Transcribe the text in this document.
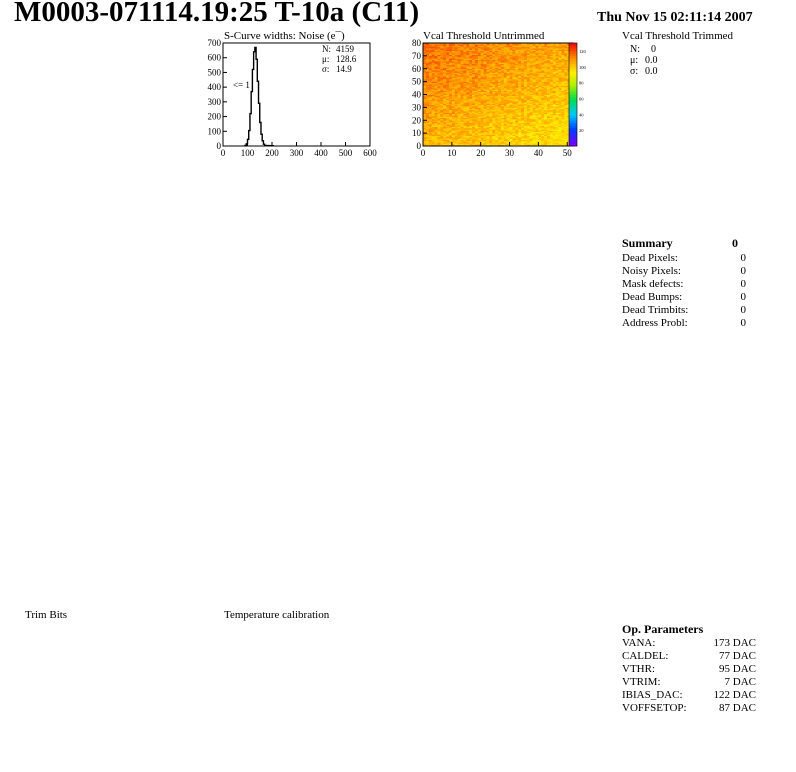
M0003-071114.19:25 T-10a (C11)	Thu Nov 15 02:11:14 2007
S-Curve widths: Noise (e¯)
0
100
200
300
400
500
600
700
0 100 200 300 400 500 600
<= 1
N: 4159
μ: 128.6
σ: 14.9
Vcal Threshold Untrimmed
0
10
20
30
40
50
60
70
80
0 10 20 30 40 50
20
40
60
80
100
120
Vcal Threshold Trimmed
N: 0
μ: 0.0
σ: 0.0
Summary	0
Dead Pixels:	0
Noisy Pixels:	0
Mask defects:	0
Dead Bumps:	0
Dead Trimbits:	0
Address Probl:	0
Trim Bits	Temperature calibration
Op. Parameters
VANA:	173 DAC
CALDEL:	77 DAC
VTHR:	95 DAC
VTRIM:	7 DAC
IBIAS_DAC:	122 DAC
VOFFSETOP:	87 DAC
